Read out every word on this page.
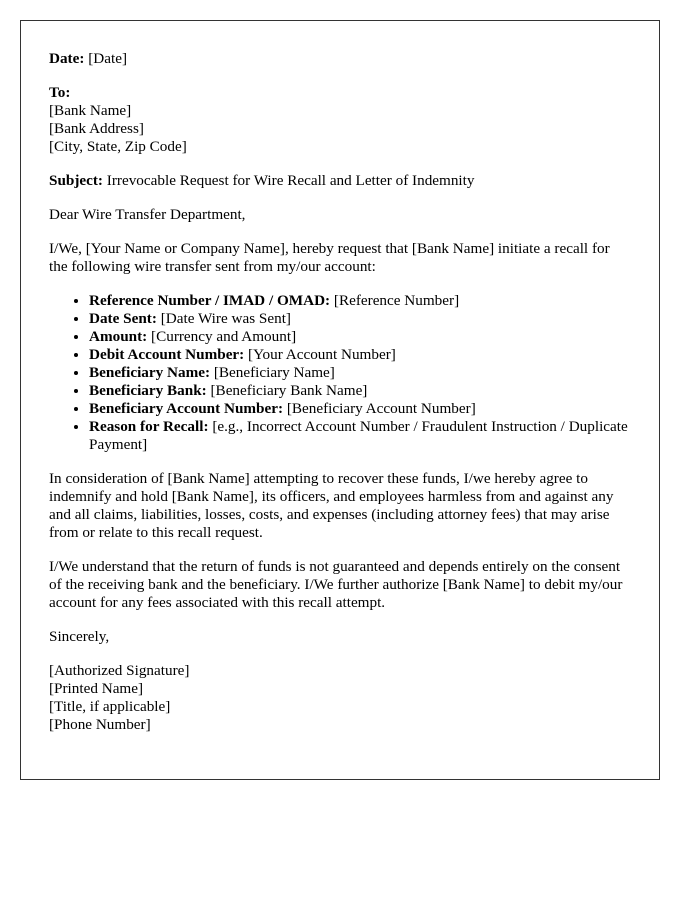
Date: [Date]

To:
[Bank Name]
[Bank Address]
[City, State, Zip Code]

Subject: Irrevocable Request for Wire Recall and Letter of Indemnity

Dear Wire Transfer Department,

I/We, [Your Name or Company Name], hereby request that [Bank Name] initiate a recall for the following wire transfer sent from my/our account:

• Reference Number / IMAD / OMAD: [Reference Number]
• Date Sent: [Date Wire was Sent]
• Amount: [Currency and Amount]
• Debit Account Number: [Your Account Number]
• Beneficiary Name: [Beneficiary Name]
• Beneficiary Bank: [Beneficiary Bank Name]
• Beneficiary Account Number: [Beneficiary Account Number]
• Reason for Recall: [e.g., Incorrect Account Number / Fraudulent Instruction / Duplicate Payment]

In consideration of [Bank Name] attempting to recover these funds, I/we hereby agree to indemnify and hold [Bank Name], its officers, and employees harmless from and against any and all claims, liabilities, losses, costs, and expenses (including attorney fees) that may arise from or relate to this recall request.

I/We understand that the return of funds is not guaranteed and depends entirely on the consent of the receiving bank and the beneficiary. I/We further authorize [Bank Name] to debit my/our account for any fees associated with this recall attempt.

Sincerely,

[Authorized Signature]
[Printed Name]
[Title, if applicable]
[Phone Number]
